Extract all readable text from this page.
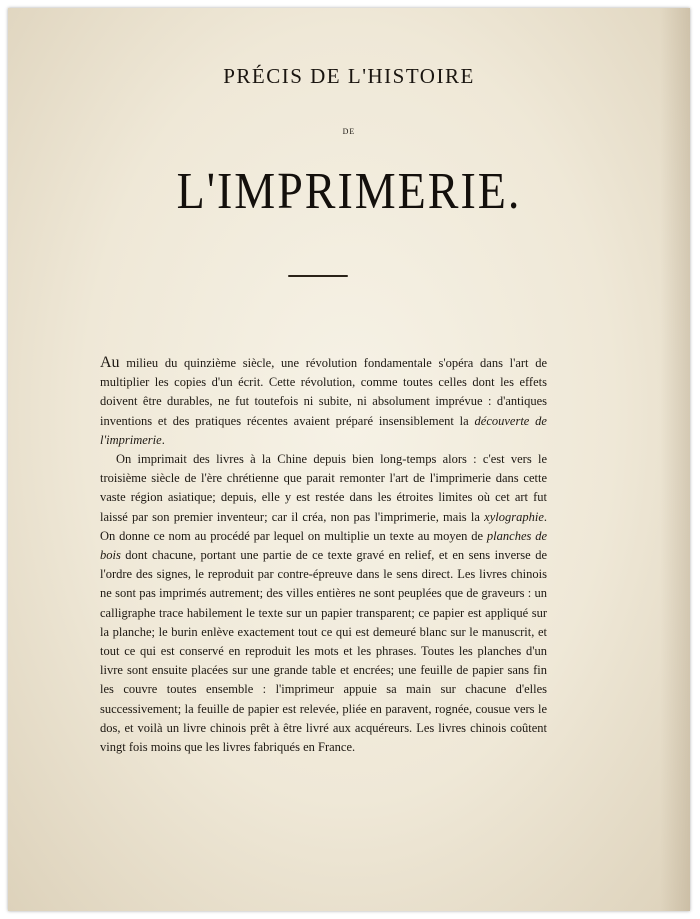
PRÉCIS DE L'HISTOIRE
DE
L'IMPRIMERIE.

Au milieu du quinzième siècle, une révolution fondamentale s'opéra dans l'art de multiplier les copies d'un écrit. Cette révolution, comme toutes celles dont les effets doivent être durables, ne fut toutefois ni subite, ni absolument imprévue : d'antiques inventions et des pratiques récentes avaient préparé insensiblement la découverte de l'imprimerie.

On imprimait des livres à la Chine depuis bien long-temps alors : c'est vers le troisième siècle de l'ère chrétienne que parait remonter l'art de l'imprimerie dans cette vaste région asiatique; depuis, elle y est restée dans les étroites limites où cet art fut laissé par son premier inventeur; car il créa, non pas l'imprimerie, mais la xylographie. On donne ce nom au procédé par lequel on multiplie un texte au moyen de planches de bois dont chacune, portant une partie de ce texte gravé en relief, et en sens inverse de l'ordre des signes, le reproduit par contre-épreuve dans le sens direct. Les livres chinois ne sont pas imprimés autrement; des villes entières ne sont peuplées que de graveurs : un calligraphe trace habilement le texte sur un papier transparent; ce papier est appliqué sur la planche; le burin enlève exactement tout ce qui est demeuré blanc sur le manuscrit, et tout ce qui est conservé en reproduit les mots et les phrases. Toutes les planches d'un livre sont ensuite placées sur une grande table et encrées; une feuille de papier sans fin les couvre toutes ensemble : l'imprimeur appuie sa main sur chacune d'elles successivement; la feuille de papier est relevée, pliée en paravent, rognée, cousue vers le dos, et voilà un livre chinois prêt à être livré aux acquéreurs. Les livres chinois coûtent vingt fois moins que les livres fabriqués en France.
